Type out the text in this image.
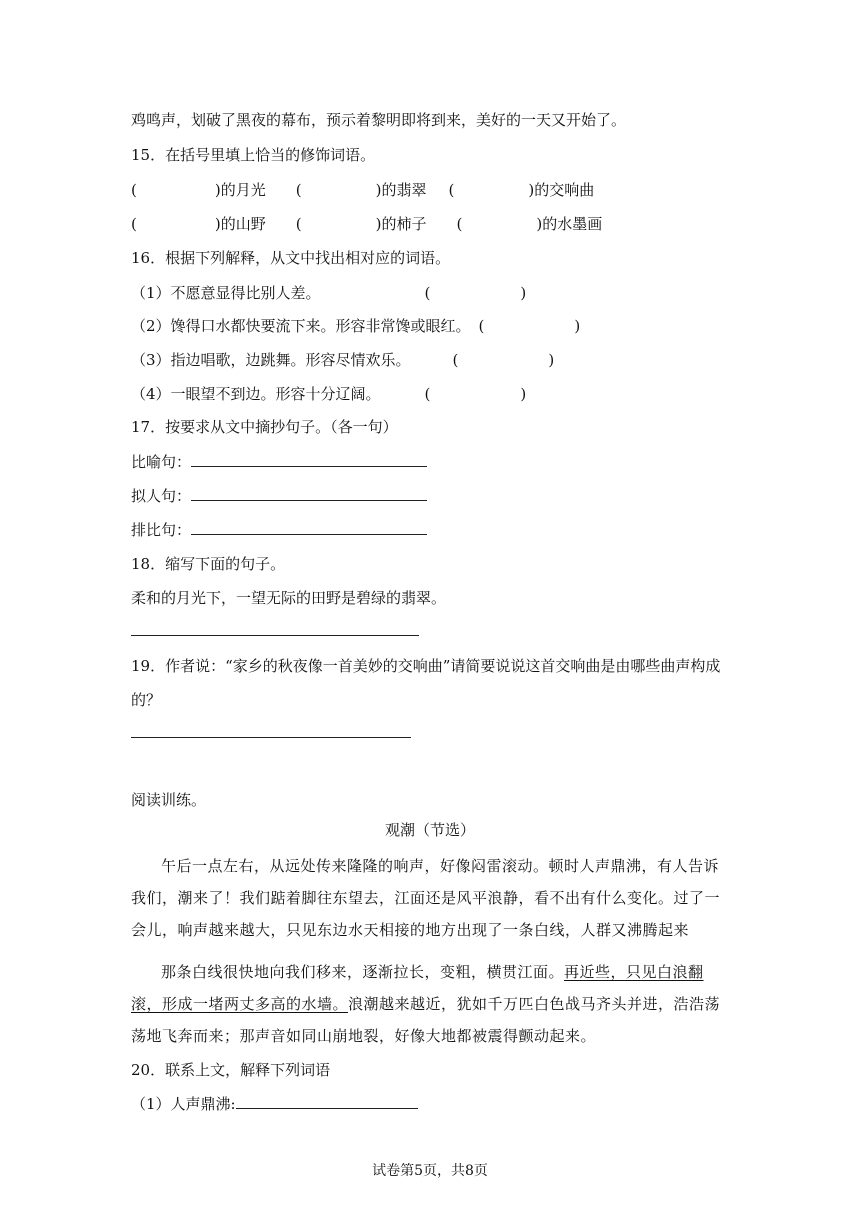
鸡鸣声，划破了黑夜的幕布，预示着黎明即将到来，美好的一天又开始了。
15．在括号里填上恰当的修饰词语。
(	)的月光 (	)的翡翠 (	)的交响曲
(	)的山野 (	)的柿子 (	)的水墨画
16．根据下列解释，从文中找出相对应的词语。
（1）不愿意显得比别人差。	(	)
（2）馋得口水都快要流下来。形容非常馋或眼红。 (	)
（3）指边唱歌，边跳舞。形容尽情欢乐。	(	)
（4）一眼望不到边。形容十分辽阔。	(	)
17．按要求从文中摘抄句子。（各一句）
比喻句：
拟人句：
排比句：
18．缩写下面的句子。
柔和的月光下，一望无际的田野是碧绿的翡翠。
19．作者说：“家乡的秋夜像一首美妙的交响曲”请简要说说这首交响曲是由哪些曲声构成
的？
阅读训练。
观潮（节选）
午后一点左右，从远处传来隆隆的响声，好像闷雷滚动。顿时人声鼎沸，有人告诉我们，潮来了！我们踮着脚往东望去，江面还是风平浪静，看不出有什么变化。过了一会儿，响声越来越大，只见东边水天相接的地方出现了一条白线，人群又沸腾起来
那条白线很快地向我们移来，逐渐拉长，变粗，横贯江面。再近些，只见白浪翻滚，形成一堵两丈多高的水墙。浪潮越来越近，犹如千万匹白色战马齐头并进，浩浩荡荡地飞奔而来；那声音如同山崩地裂，好像大地都被震得颤动起来。
20．联系上文，解释下列词语
（1）人声鼎沸:
试卷第5页，共8页
